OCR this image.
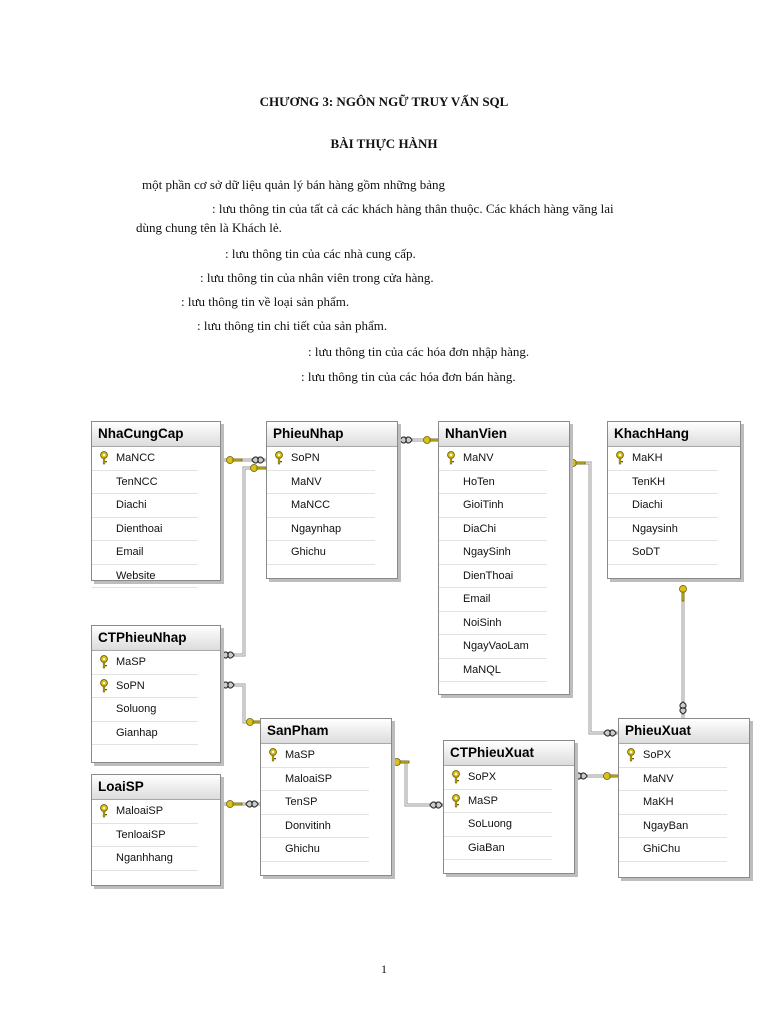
CHƯƠNG 3: NGÔN NGỮ TRUY VẤN SQL
BÀI THỰC HÀNH
một phần cơ sở dữ liệu quản lý bán hàng gồm những bảng
: lưu thông tin của tất cả các khách hàng thân thuộc. Các khách hàng vãng lai
dùng chung tên là Khách lẻ.
: lưu thông tin của các nhà cung cấp.
: lưu thông tin của nhân viên trong cửa hàng.
: lưu thông tin về loại sản phẩm.
: lưu thông tin chi tiết của sản phẩm.
: lưu thông tin của các hóa đơn nhập hàng.
: lưu thông tin của các hóa đơn bán hàng.
NhaCungCap
MaNCC
TenNCC
Diachi
Dienthoai
Email
Website
PhieuNhap
SoPN
MaNV
MaNCC
Ngaynhap
Ghichu
NhanVien
MaNV
HoTen
GioiTinh
DiaChi
NgaySinh
DienThoai
Email
NoiSinh
NgayVaoLam
MaNQL
KhachHang
MaKH
TenKH
Diachi
Ngaysinh
SoDT
CTPhieuNhap
MaSP
SoPN
Soluong
Gianhap	SanPham
MaSP
MaloaiSP
TenSP
Donvitinh
Ghichu
CTPhieuXuat
SoPX
MaSP
SoLuong
GiaBan
PhieuXuat
SoPX
MaNV
MaKH
NgayBan
GhiChu
LoaiSP
MaloaiSP
TenloaiSP
Nganhhang
1
